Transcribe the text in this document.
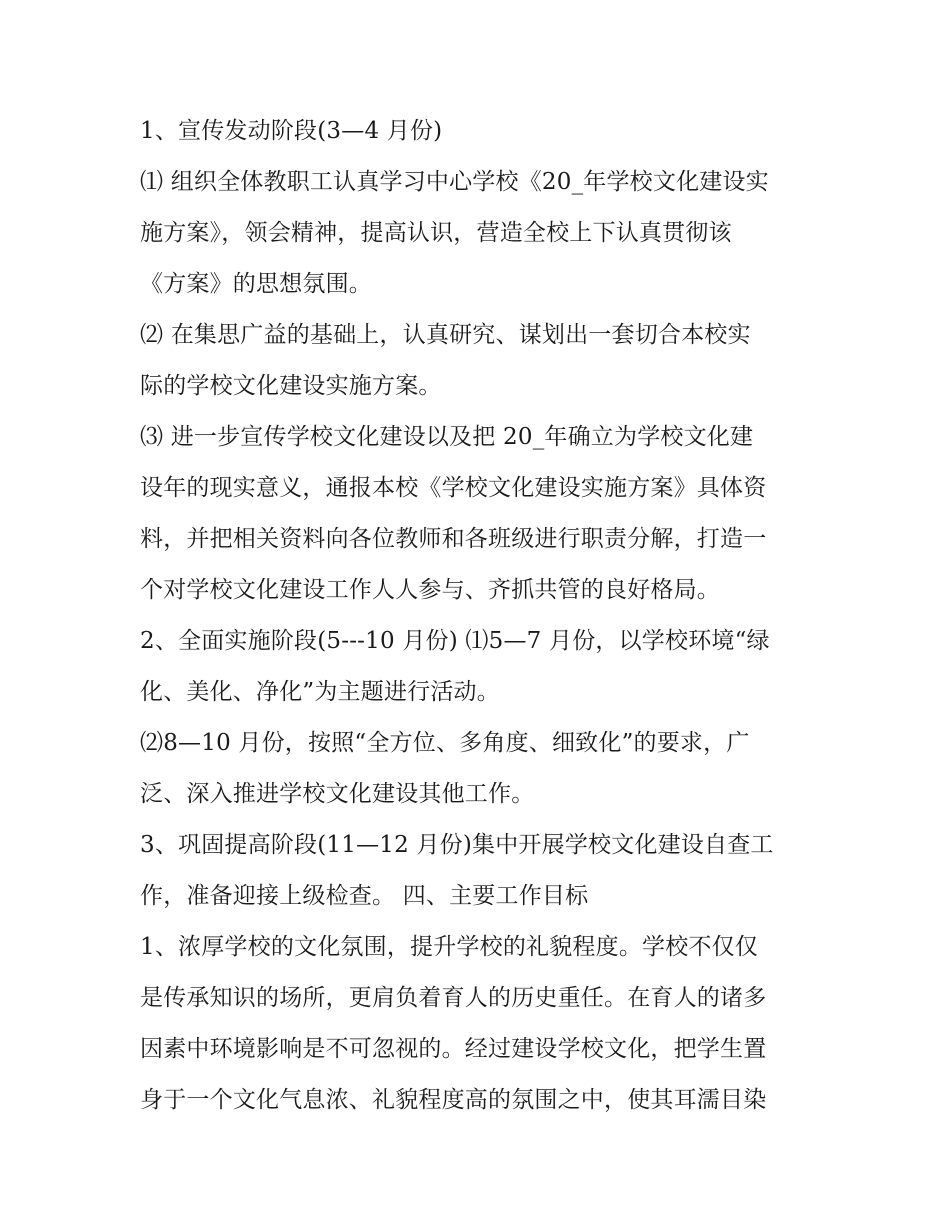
1、宣传发动阶段(3—4 月份)
⑴ 组织全体教职工认真学习中心学校《20_年学校文化建设实
施方案》，领会精神，提高认识，营造全校上下认真贯彻该
《方案》的思想氛围。
⑵ 在集思广益的基础上，认真研究、谋划出一套切合本校实
际的学校文化建设实施方案。
⑶ 进一步宣传学校文化建设以及把 20_年确立为学校文化建
设年的现实意义，通报本校《学校文化建设实施方案》具体资
料，并把相关资料向各位教师和各班级进行职责分解，打造一
个对学校文化建设工作人人参与、齐抓共管的良好格局。
2、全面实施阶段(5---10 月份) ⑴5—7 月份，以学校环境“绿
化、美化、净化”为主题进行活动。
⑵8—10 月份，按照“全方位、多角度、细致化”的要求，广
泛、深入推进学校文化建设其他工作。
3、巩固提高阶段(11—12 月份)集中开展学校文化建设自查工
作，准备迎接上级检查。 四、主要工作目标
1、浓厚学校的文化氛围，提升学校的礼貌程度。学校不仅仅
是传承知识的场所，更肩负着育人的历史重任。在育人的诸多
因素中环境影响是不可忽视的。经过建设学校文化，把学生置
身于一个文化气息浓、礼貌程度高的氛围之中，使其耳濡目染
